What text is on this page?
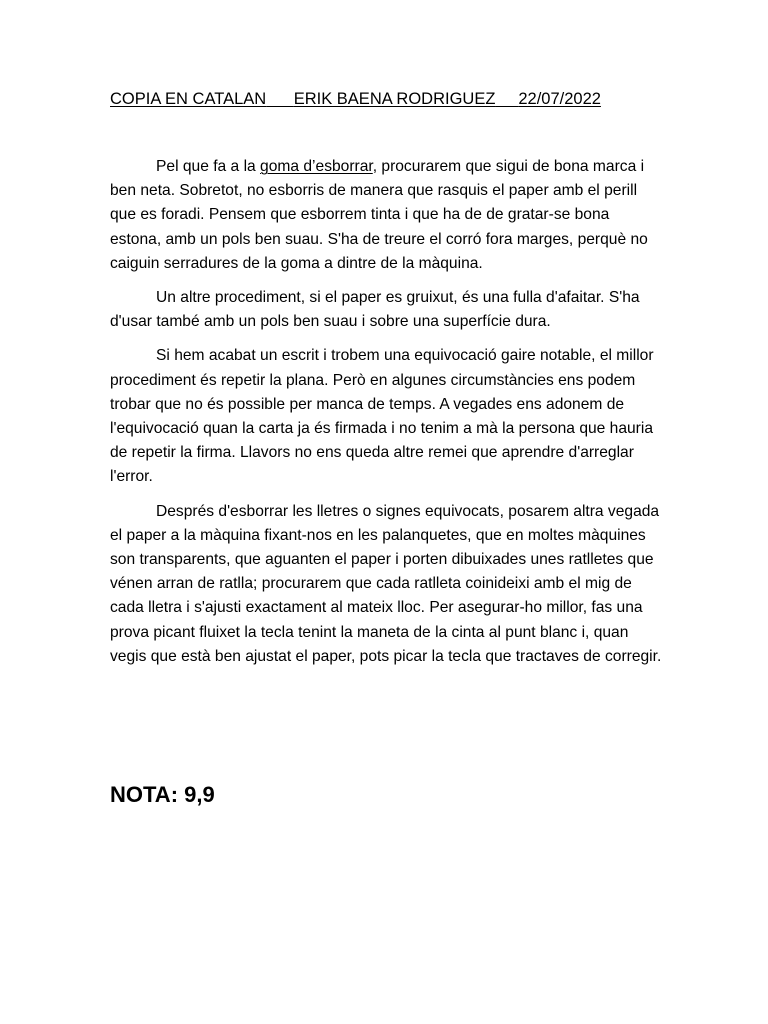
COPIA EN CATALAN ERIK BAENA RODRIGUEZ 22/07/2022

Pel que fa a la goma d’esborrar, procurarem que sigui de bona marca i ben neta. Sobretot, no esborris de manera que rasquis el paper amb el perill que es foradi. Pensem que esborrem tinta i que ha de de gratar-se bona estona, amb un pols ben suau. S'ha de treure el corró fora marges, perquè no caiguin serradures de la goma a dintre de la màquina.

Un altre procediment, si el paper es gruixut, és una fulla d'afaitar. S'ha d'usar també amb un pols ben suau i sobre una superfície dura.

Si hem acabat un escrit i trobem una equivocació gaire notable, el millor procediment és repetir la plana. Però en algunes circumstàncies ens podem trobar que no és possible per manca de temps. A vegades ens adonem de l'equivocació quan la carta ja és firmada i no tenim a mà la persona que hauria de repetir la firma. Llavors no ens queda altre remei que aprendre d'arreglar l'error.

Després d'esborrar les lletres o signes equivocats, posarem altra vegada el paper a la màquina fixant-nos en les palanquetes, que en moltes màquines son transparents, que aguanten el paper i porten dibuixades unes ratlletes que vénen arran de ratlla; procurarem que cada ratlleta coinideixi amb el mig de cada lletra i s'ajusti exactament al mateix lloc. Per asegurar-ho millor, fas una prova picant fluixet la tecla tenint la maneta de la cinta al punt blanc i, quan vegis que està ben ajustat el paper, pots picar la tecla que tractaves de corregir.

NOTA: 9,9
